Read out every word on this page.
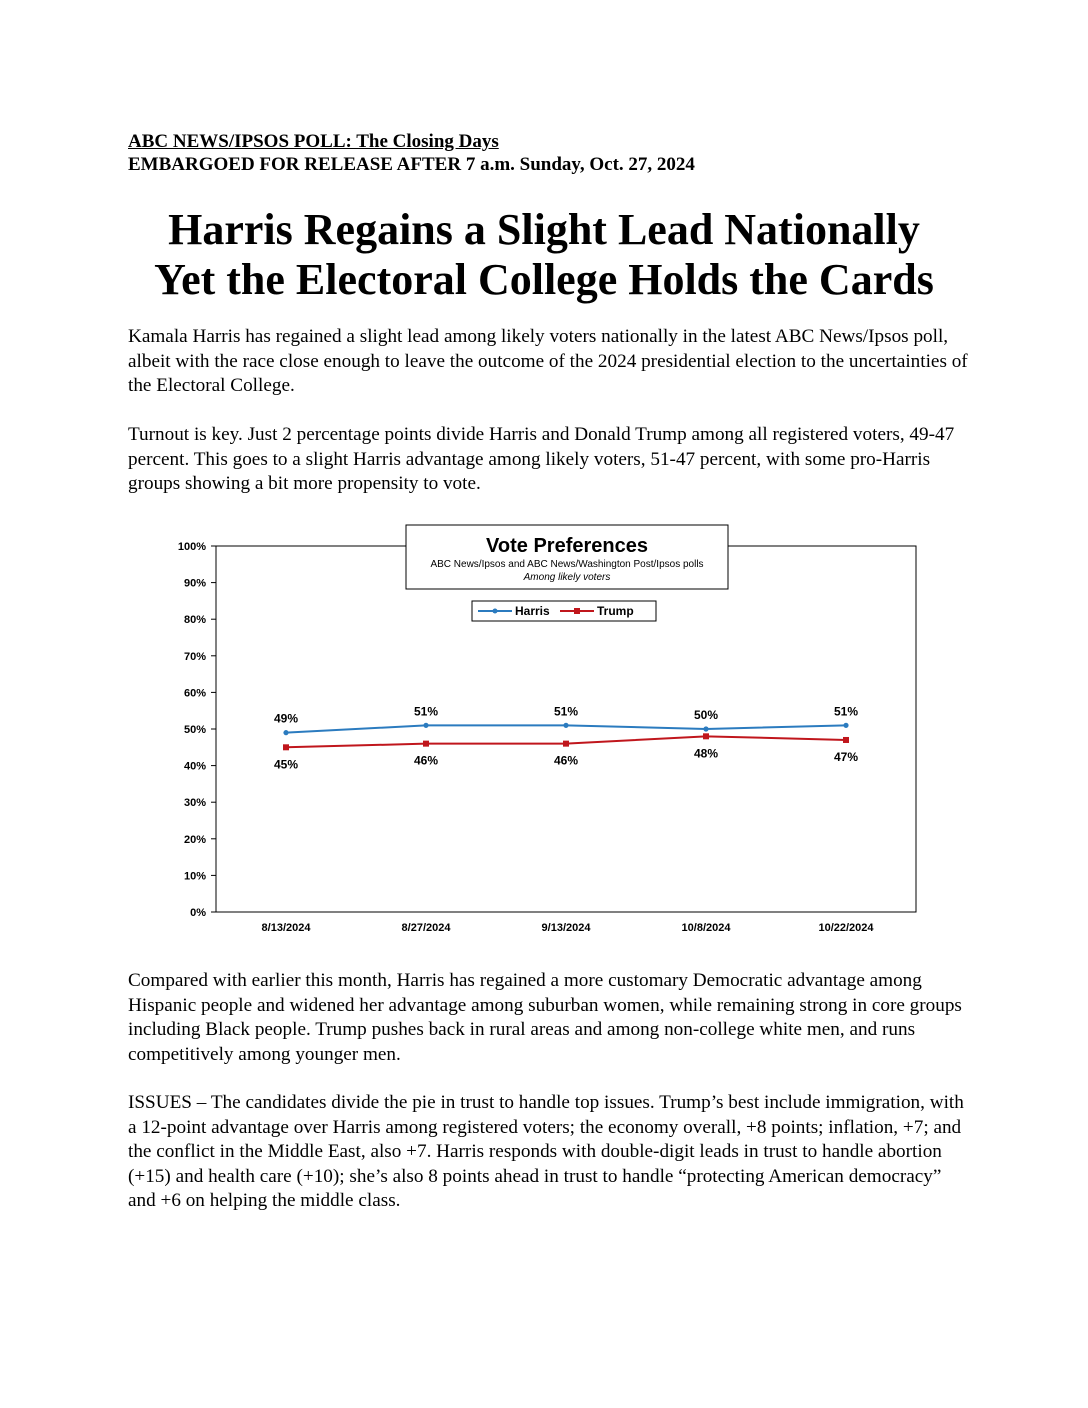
ABC NEWS/IPSOS POLL: The Closing Days
EMBARGOED FOR RELEASE AFTER 7 a.m. Sunday, Oct. 27, 2024
Harris Regains a Slight Lead Nationally
Yet the Electoral College Holds the Cards
Kamala Harris has regained a slight lead among likely voters nationally in the latest ABC News/Ipsos poll, albeit with the race close enough to leave the outcome of the 2024 presidential election to the uncertainties of the Electoral College.
Turnout is key. Just 2 percentage points divide Harris and Donald Trump among all registered voters, 49-47 percent. This goes to a slight Harris advantage among likely voters, 51-47 percent, with some pro-Harris groups showing a bit more propensity to vote.
0%
10%
20%
30%
40%
50%
60%
70%
80%
90%
100%
8/13/2024	8/27/2024	9/13/2024	10/8/2024	10/22/2024
49%
51%	51%	50%	51%
45%	46%	46%
48%	47%
Vote Preferences
ABC News/Ipsos and ABC News/Washington Post/Ipsos polls
Among likely voters
Harris	Trump
Compared with earlier this month, Harris has regained a more customary Democratic advantage among Hispanic people and widened her advantage among suburban women, while remaining strong in core groups including Black people. Trump pushes back in rural areas and among non-college white men, and runs competitively among younger men.
ISSUES – The candidates divide the pie in trust to handle top issues. Trump’s best include immigration, with a 12-point advantage over Harris among registered voters; the economy overall, +8 points; inflation, +7; and the conflict in the Middle East, also +7. Harris responds with double-digit leads in trust to handle abortion (+15) and health care (+10); she’s also 8 points ahead in trust to handle “protecting American democracy” and +6 on helping the middle class.
